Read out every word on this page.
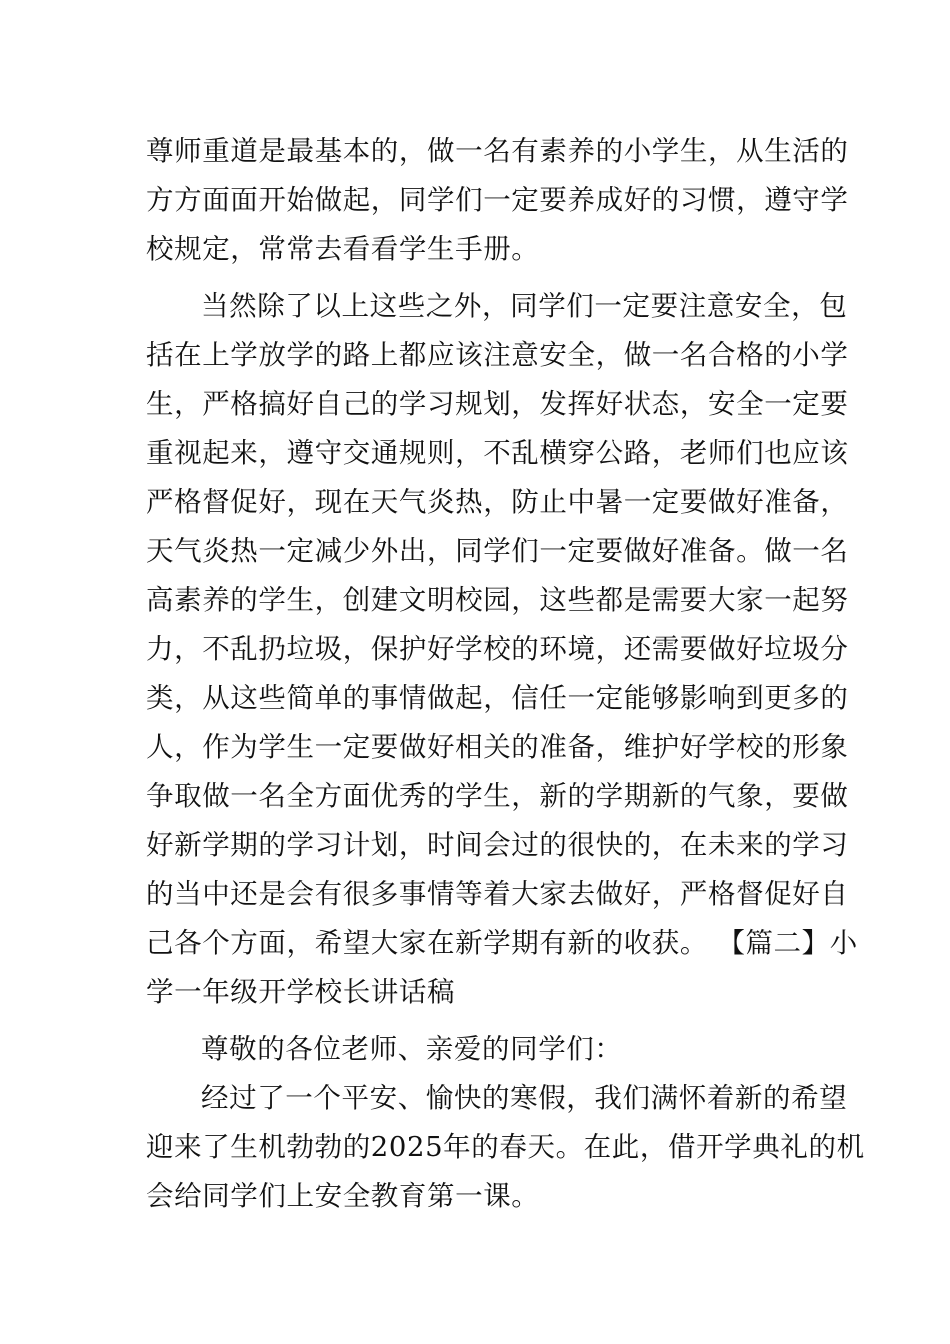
尊师重道是最基本的，做一名有素养的小学生，从生活的
方方面面开始做起，同学们一定要养成好的习惯，遵守学
校规定，常常去看看学生手册。
当然除了以上这些之外，同学们一定要注意安全，包
括在上学放学的路上都应该注意安全，做一名合格的小学
生，严格搞好自己的学习规划，发挥好状态，安全一定要
重视起来，遵守交通规则，不乱横穿公路，老师们也应该
严格督促好，现在天气炎热，防止中暑一定要做好准备，
天气炎热一定减少外出，同学们一定要做好准备。做一名
高素养的学生，创建文明校园，这些都是需要大家一起努
力，不乱扔垃圾，保护好学校的环境，还需要做好垃圾分
类，从这些简单的事情做起，信任一定能够影响到更多的
人，作为学生一定要做好相关的准备，维护好学校的形象
争取做一名全方面优秀的学生，新的学期新的气象，要做
好新学期的学习计划，时间会过的很快的，在未来的学习
的当中还是会有很多事情等着大家去做好，严格督促好自
己各个方面，希望大家在新学期有新的收获。 【篇二】小
学一年级开学校长讲话稿
尊敬的各位老师、亲爱的同学们：
经过了一个平安、愉快的寒假，我们满怀着新的希望
迎来了生机勃勃的2025年的春天。在此，借开学典礼的机
会给同学们上安全教育第一课。
